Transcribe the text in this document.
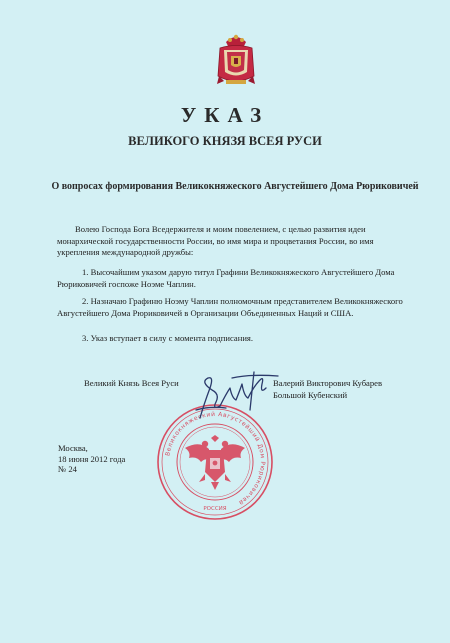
УКАЗ
ВЕЛИКОГО КНЯЗЯ ВСЕЯ РУСИ
О вопросах формирования Великокняжеского Августейшего Дома Рюриковичей
Волею Господа Бога Вседержителя и моим повелением, с целью развития идеи монархической государственности России, во имя мира и процветания России, во имя укрепления международной дружбы:
1. Высочайшим указом дарую титул Графини Великокняжеского Августейшего Дома Рюриковичей госпоже Ноэме Чаплин.
2. Назначаю Графиню Ноэму Чаплин полномочным представителем Великокняжеского Августейшего Дома Рюриковичей в Организации Объединенных Наций и США.
3. Указ вступает в силу с момента подписания.
Великий Князь Всея Руси	Валерий Викторович Кубарев
Большой Кубенский
Москва,
18 июня 2012 года
№ 24
Великокняжеский Августейший Дом Рюриковичей
РОССИЯ
